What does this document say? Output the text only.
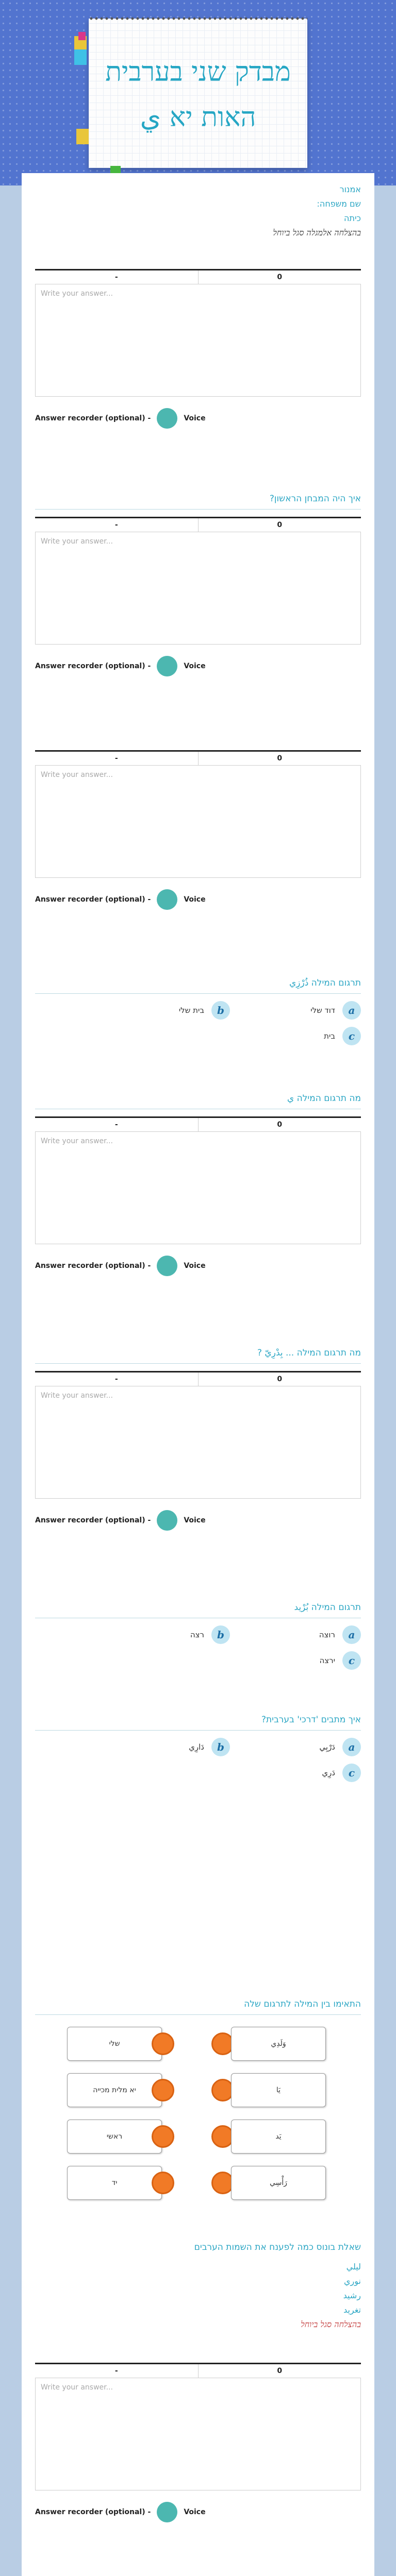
מבדק שני בערבית
האות יא ي
אמנור
שם משפחה:
כיתה
בהצלחה אלמגלה סגל ביוחל
-	0
Write your answer...
Answer recorder (optional) -	Voice
איך היה המבחן הראשון?
-	0
Write your answer...
Answer recorder (optional) -	Voice
-	0
Write your answer...
Answer recorder (optional) -	Voice
תרגום המילה ذُرْزِي
a
דוד שלי
b
בית שלי
c
בית
מה תרגום המילה ي
-	0
Write your answer...
Answer recorder (optional) -	Voice
מה תרגום המילה ... بِدْرِيّ ?
-	0
Write your answer...
Answer recorder (optional) -	Voice
תרגום המילה بُرْيد
a
רוצה
b
רצה
c
ירצה
איך מתבים 'דרכי' בערבית?
a
دَرْبِي
b
دَارِي
c
دَرِي
התאימו בין המילה לתרגום שלה
שלי	وَلَدِي
יא מלית מכייה	يَا
ראשי	يَد
יד	رَأْسِي
שאלת בונוס כמה לפענח את השמות הערבים
ليلي
نوري
رشيد
تغريد
בהצלחה סגל ביוחל
-	0
Write your answer...
Answer recorder (optional) -	Voice
